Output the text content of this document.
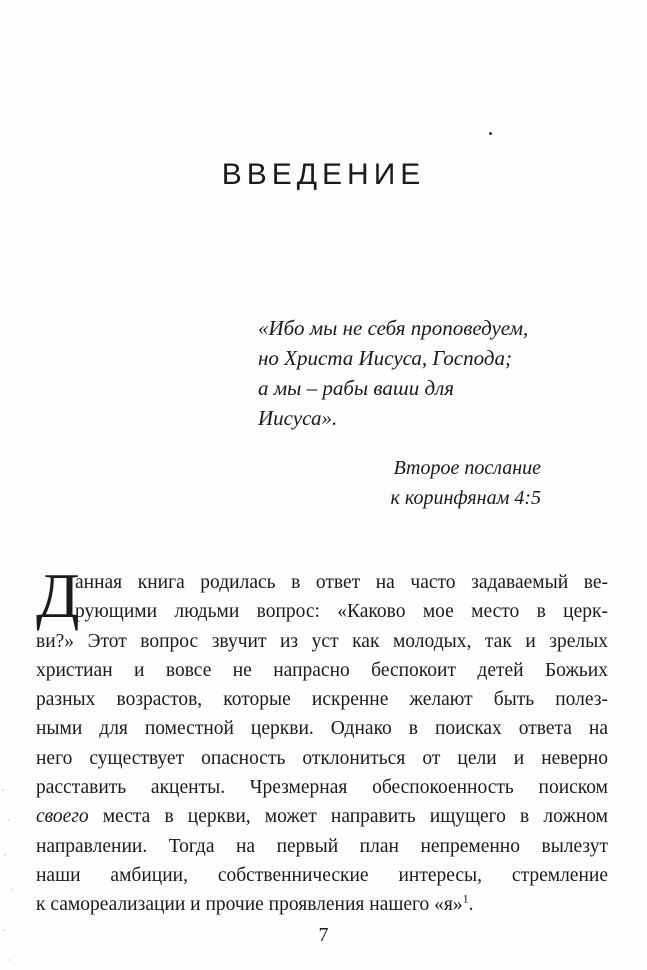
ВВЕДЕНИЕ
«Ибо мы не себя проповедуем,
но Христа Иисуса, Господа;
а мы – рабы ваши для
Иисуса».
Второе послание
к коринфянам 4:5
Д
анная книга родилась в ответ на часто задаваемый ве-
рующими людьми вопрос: «Каково мое место в церк-
ви?» Этот вопрос звучит из уст как молодых, так и зрелых
христиан и вовсе не напрасно беспокоит детей Божьих
разных возрастов, которые искренне желают быть полез-
ными для поместной церкви. Однако в поисках ответа на
него существует опасность отклониться от цели и неверно
расставить акценты. Чрезмерная обеспокоенность поиском
своего места в церкви, может направить ищущего в ложном
направлении. Тогда на первый план непременно вылезут
наши амбиции, собственнические интересы, стремление
к самореализации и прочие проявления нашего «я»$^1$.
7
